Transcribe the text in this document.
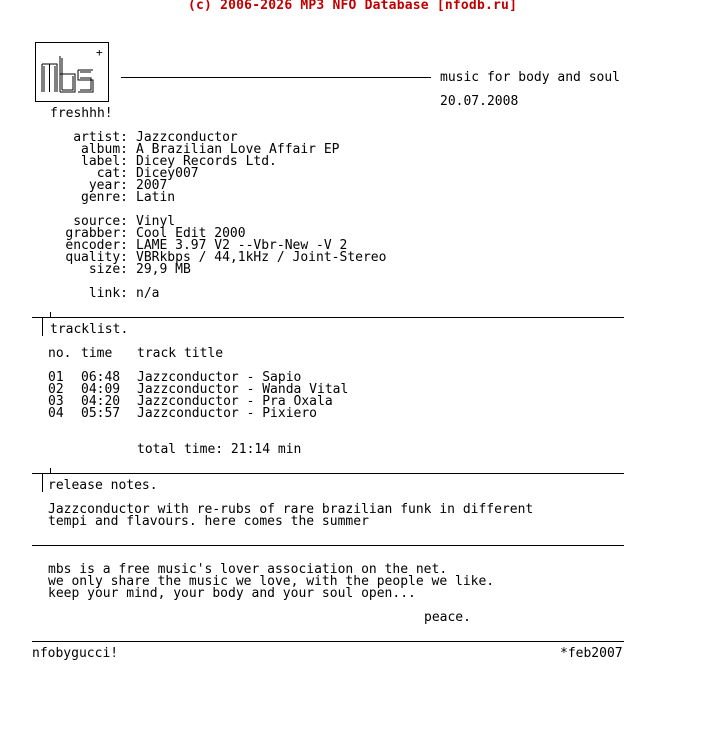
(c) 2006-2026 MP3 NFO Database [nfodb.ru]
+
music for body and soul
20.07.2008
freshhh!
artist: Jazzconductor
album: A Brazilian Love Affair EP
label: Dicey Records Ltd.
cat: Dicey007
year: 2007
genre: Latin
source: Vinyl
grabber: Cool Edit 2000
encoder: LAME 3.97 V2 --Vbr-New -V 2
quality: VBRkbps / 44,1kHz / Joint-Stereo
size: 29,9 MB
link: n/a
tracklist.
no. time track title
01 06:48 Jazzconductor - Sapio
02 04:09 Jazzconductor - Wanda Vital
03 04:20 Jazzconductor - Pra Oxala
04 05:57 Jazzconductor - Pixiero
total time: 21:14 min
release notes.
Jazzconductor with re-rubs of rare brazilian funk in different
tempi and flavours. here comes the summer
mbs is a free music's lover association on the net.
we only share the music we love, with the people we like.
keep your mind, your body and your soul open...
peace.
nfobygucci!	*feb2007
